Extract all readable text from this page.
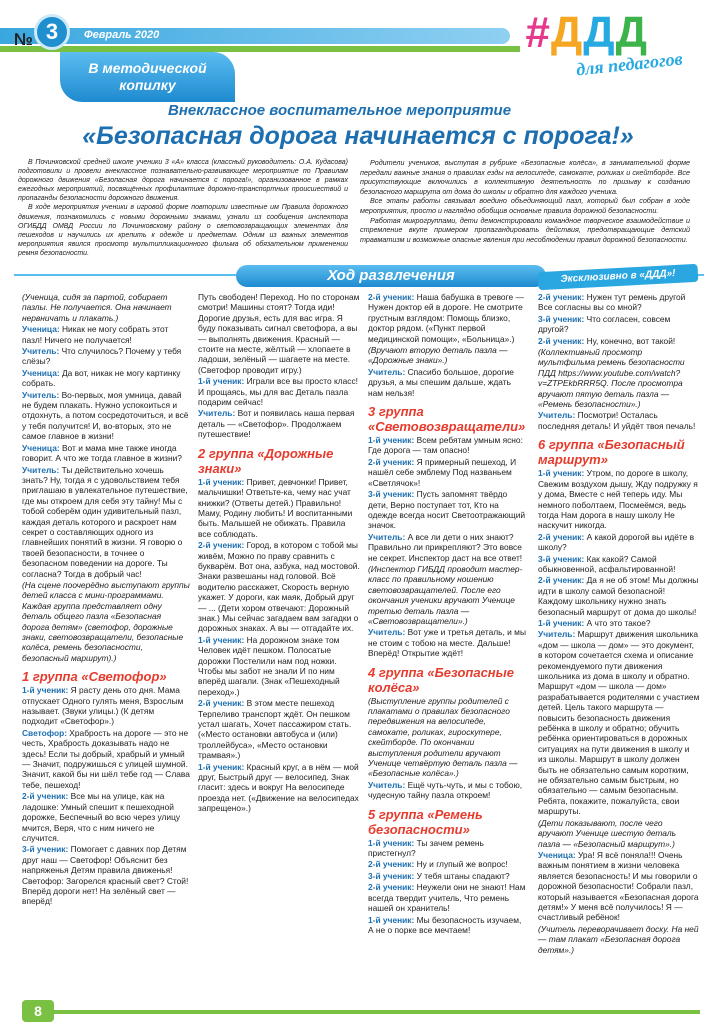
№ 3	Февраль 2020	#ДДД
для педагогов
В методической
копилку
Внеклассное воспитательное мероприятие
«Безопасная дорога начинается с порога!»

В Починковской средней школе ученики 3 «А» класса (классный руководитель: О.А. Кудасова) подготовили и провели внеклассное познавательно-развивающее мероприятие по Правилам дорожного движения «Безопасная дорога начинается с порога!», организованное в рамках ежегодных мероприятий, посвящённых профилактике дорожно-транспортных происшествий и пропаганды безопасности дорожного движения.

В ходе мероприятия ученики в игровой форме повторили известные им Правила дорожного движения, познакомились с новыми дорожными знаками, узнали из сообщения инспектора ОГИБДД ОМВД России по Починковскому району о световозвращающих элементах для пешеходов и научились их крепить к одежде и предметам. Одним из важных элементов мероприятия явился просмотр мультипликационного фильма об обязательном применении ремня безопасности.

Родители учеников, выступая в рубрике «Безопасные колёса», в занимательной форме передали важные знания о правилах езды на велосипеде, самокате, роликах и скейтборде. Все присутствующие включились в коллективную деятельность по призыву к созданию безопасного маршрута от дома до школы и обратно для каждого ученика.

Все этапы работы связывал воедино объединяющий пазл, который был собран в ходе мероприятия, просто и наглядно обобщив основные правила дорожной безопасности.

Работая микрогруппами, дети демонстрировали командное творческое взаимодействие и стремление вкупе примером пропагандировать действия, предотвращающие детский травматизм и возможные опасные явления при несоблюдении правил дорожной безопасности.

Ход развлечения	Эксклюзивно в «ДДД»!

(Ученица, сидя за партой, собирает пазлы. Не получается. Она начинает нервничать и плакать.)

Ученица: Никак не могу собрать этот пазл! Ничего не получается!

Учитель: Что случилось? Почему у тебя слёзы?

Ученица: Да вот, никак не могу картинку собрать.

Учитель: Во-первых, моя умница, давай не будем плакать. Нужно успокоиться и отдохнуть, а потом сосредоточиться, и всё у тебя получится! И, во-вторых, это не самое главное в жизни!

Ученица: Вот и мама мне также иногда говорит. А что же тогда главное в жизни?

Учитель: Ты действительно хочешь знать? Ну, тогда я с удовольствием тебя приглашаю в увлекательное путешествие, где мы откроем для себя эту тайну! Мы с тобой соберём один удивительный пазл, каждая деталь которого и раскроет нам секрет о составляющих одного из главнейших понятий в жизни. Я говорю о твоей безопасности, в точнее о безопасном поведении на дороге. Ты согласна? Тогда в добрый час!

(На сцене поочерёдно выступают группы детей класса с мини-программами. Каждая группа представляет одну деталь общего пазла «Безопасная дорога детям» (светофор, дорожные знаки, световозвращатели, безопасные колёса, ремень безопасности, безопасный маршрут).)

1 группа «Светофор»

1-й ученик: Я расту день ото дня. Мама отпускает Одного гулять меня, Взрослым называет. (Звуки улицы.) (К детям подходит «Светофор».)

Светофор: Храбрость на дороге — это не честь, Храбрость доказывать надо не здесь! Если ты добрый, храбрый и умный — Значит, подружишься с улицей шумной. Значит, какой бы ни шёл тебе год — Слава тебе, пешеход!

2-й ученик: Все мы на улице, как на ладошке: Умный спешит к пешеходной дорожке, Беспечный во всю через улицу мчится, Веря, что с ним ничего не случится.

3-й ученик: Помогает с давних пор Детям друг наш — Светофор! Объяснит без напряженья Детям правила движенья! Светофор: Загорелся красный свет? Стой! Вперёд дороги нет! На зелёный свет — вперёд!

Путь свободен! Переход. Но по сторонам смотри! Машины стоят? Тогда иди! Дорогие друзья, есть для вас игра. Я буду показывать сигнал светофора, а вы — выполнять движения. Красный — стоите на месте, жёлтый — хлопаете в ладоши, зелёный — шагаете на месте. (Светофор проводит игру.)

1-й ученик: Играли все вы просто класс! И прощаясь, мы для вас Деталь пазла подарим сейчас!

Учитель: Вот и появилась наша первая деталь — «Светофор». Продолжаем путешествие!

2 группа «Дорожные знаки»

1-й ученик: Привет, девчонки! Привет, мальчишки! Ответьте-ка, чему нас учат книжки? (Ответы детей.) Правильно! Маму, Родину любить! И воспитанными быть. Малышей не обижать. Правила все соблюдать.

2-й ученик: Город, в котором с тобой мы живём, Можно по праву сравнить с букварём. Вот она, азбука, над мостовой. Знаки развешаны над головой. Всё водителю расскажет, Скорость верную укажет. У дороги, как маяк, Добрый друг — ... (Дети хором отвечают: Дорожный знак.) Мы сейчас загадаем вам загадки о дорожных знаках. А вы — отгадайте их.

1-й ученик: На дорожном знаке том Человек идёт пешком. Полосатые дорожки Постелили нам под ножки. Чтобы мы забот не знали И по ним вперёд шагали. (Знак «Пешеходный переход».)

2-й ученик: В этом месте пешеход Терпеливо транспорт ждёт. Он пешком устал шагать, Хочет пассажиром стать. («Место остановки автобуса и (или) троллейбуса», «Место остановки трамвая».)

1-й ученик: Красный круг, а в нём — мой друг, Быстрый друг — велосипед. Знак гласит: здесь и вокруг На велосипеде проезда нет. («Движение на велосипедах запрещено».)

2-й ученик: Наша бабушка в тревоге — Нужен доктор ей в дороге. Не смотрите грустным взглядом: Помощь близко, доктор рядом. («Пункт первой медицинской помощи», «Больница».)

(Вручают вторую деталь пазла — «Дорожные знаки».)

Учитель: Спасибо большое, дорогие друзья, а мы спешим дальше, ждать нам нельзя!

3 группа «Световозвращатели»

1-й ученик: Всем ребятам умным ясно: Где дорога — там опасно!

2-й ученик: Я примерный пешеход, И нашёл себе эмблему Под названьем «Светлячок»!

3-й ученик: Пусть запомнят твёрдо дети, Верно поступает тот, Кто на одежде всегда носит Светоотражающий значок.

Учитель: А все ли дети о них знают? Правильно ли прикрепляют? Это вовсе не секрет. Инспектор даст на все ответ!

(Инспектор ГИБДД проводит мастер-класс по правильному ношению световозвращателей. После его окончания ученики вручают Ученице третью деталь пазла — «Световозвращатели».)

Учитель: Вот уже и третья деталь, и мы не стоим с тобою на месте. Дальше! Вперёд! Открытие ждёт!

4 группа «Безопасные колёса»

(Выступление группы родителей с плакатами о правилах безопасного передвижения на велосипеде, самокате, роликах, гироскутере, скейтборде. По окончании выступления родители вручают Ученице четвёртую деталь пазла — «Безопасные колёса».)

Учитель: Ещё чуть-чуть, и мы с тобою, чудесную тайну пазла откроем!

5 группа «Ремень безопасности»

1-й ученик: Ты зачем ремень пристегнул?

2-й ученик: Ну и глупый же вопрос!

3-й ученик: У тебя штаны спадают?

2-й ученик: Неужели они не знают! Нам всегда твердит учитель, Что ремень нашей он хранитель!

1-й ученик: Мы безопасность изучаем, А не о порке все мечтаем!

2-й ученик: Нужен тут ремень другой Все согласны вы со мной?

3-й ученик: Что согласен, совсем другой?

2-й ученик: Ну, конечно, вот такой!

(Коллективный просмотр мультфильма ремень безопасности ПДД https://www.youtube.com/watch?v=ZTPEkbRRR5Q. После просмотра вручают пятую деталь пазла — «Ремень безопасности».)

Учитель: Посмотри! Осталась последняя деталь! И уйдёт твоя печаль!

6 группа «Безопасный маршрут»

1-й ученик: Утром, по дороге в школу, Свежим воздухом дышу, Жду подружку я у дома, Вместе с ней теперь иду. Мы немного поболтаем, Посмеёмся, ведь тогда Нам дорога в нашу школу Не наскучит никогда.

2-й ученик: А какой дорогой вы идёте в школу?

3-й ученик: Как какой? Самой обыкновенной, асфальтированной!

2-й ученик: Да я не об этом! Мы должны идти в школу самой безопасной! Каждому школьнику нужно знать безопасный маршрут от дома до школы!

1-й ученик: А что это такое?

Учитель: Маршрут движения школьника «дом — школа — дом» — это документ, в котором сочетается схема и описание рекомендуемого пути движения школьника из дома в школу и обратно. Маршрут «дом — школа — дом» разрабатывается родителями с участием детей. Цель такого маршрута — повысить безопасность движения ребёнка в школу и обратно; обучить ребёнка ориентироваться в дорожных ситуациях на пути движения в школу и из школы. Маршрут в школу должен быть не обязательно самым коротким, не обязательно самым быстрым, но обязательно — самым безопасным. Ребята, покажите, пожалуйста, свои маршруты.

(Дети показывают, после чего вручают Ученице шестую деталь пазла — «Безопасный маршрут».)

Ученица: Ура! Я всё поняла!!! Очень важным понятием в жизни человека является безопасность! И мы говорили о дорожной безопасности! Собрали пазл, который называется «Безопасная дорога детям!» У меня всё получилось! Я — счастливый ребёнок!

(Учитель переворачивает доску. На ней — там плакат «Безопасная дорога детям».)

8
